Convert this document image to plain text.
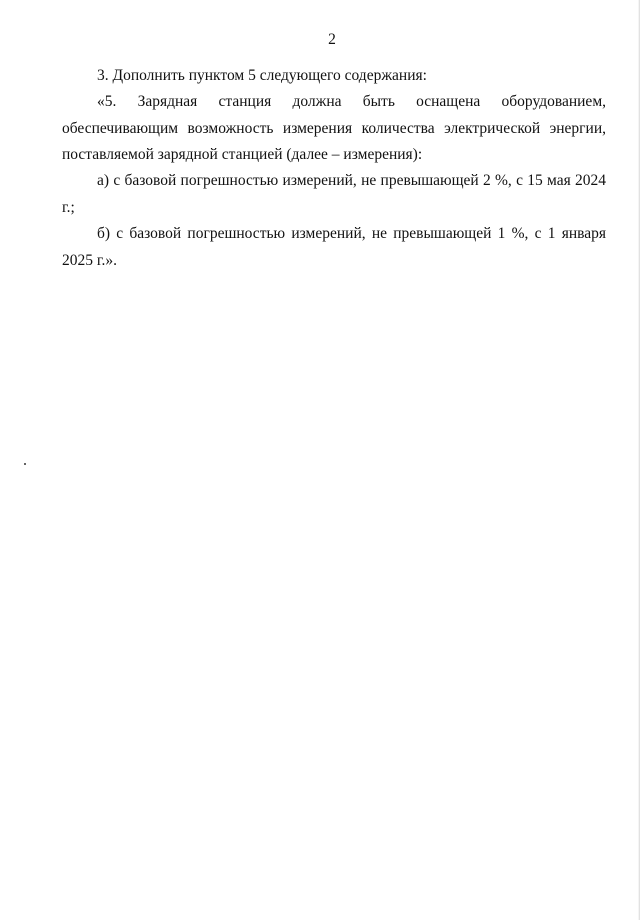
2
3. Дополнить пунктом 5 следующего содержания:
«5. Зарядная станция должна быть оснащена оборудованием, обеспечивающим возможность измерения количества электрической энергии, поставляемой зарядной станцией (далее – измерения):
а) с базовой погрешностью измерений, не превышающей 2 %, с 15 мая 2024 г.;
б) с базовой погрешностью измерений, не превышающей 1 %, с 1 января 2025 г.».
